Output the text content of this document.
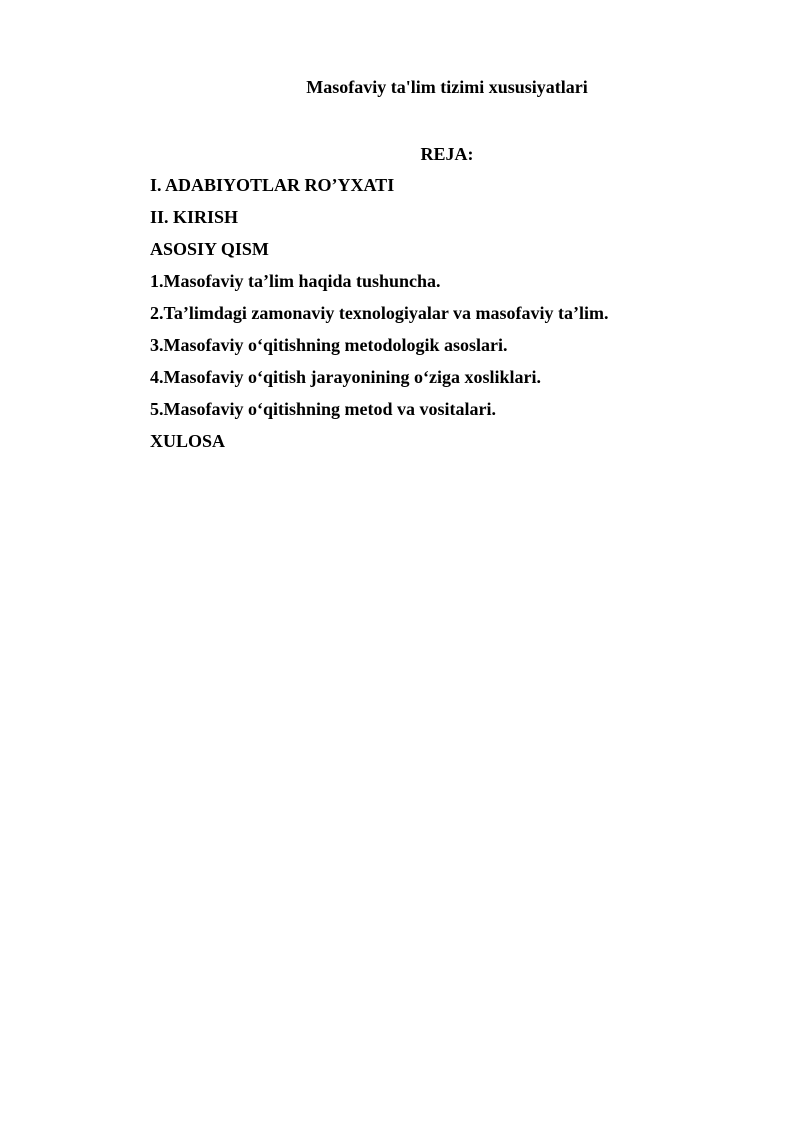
Masofaviy ta'lim tizimi xususiyatlari
REJA:
I. ADABIYOTLAR RO’YXATI
II. KIRISH
ASOSIY QISM
1.Masofaviy ta’lim haqida tushuncha.
2.Ta’limdagi zamonaviy texnologiyalar va masofaviy ta’lim.
3.Masofaviy o‘qitishning metodologik asoslari.
4.Masofaviy o‘qitish jarayonining o‘ziga xosliklari.
5.Masofaviy o‘qitishning metod va vositalari.
XULOSA
